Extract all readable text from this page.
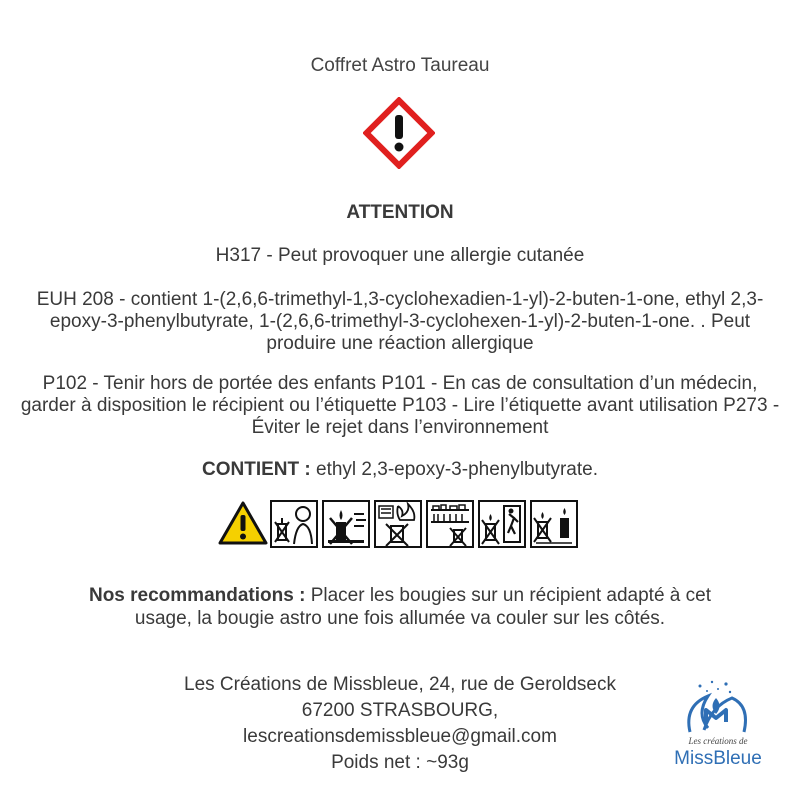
Coffret Astro Taureau
ATTENTION
H317 - Peut provoquer une allergie cutanée
EUH 208 - contient 1-(2,6,6-trimethyl-1,3-cyclohexadien-1-yl)-2-buten-1-one, ethyl 2,3-epoxy-3-phenylbutyrate, 1-(2,6,6-trimethyl-3-cyclohexen-1-yl)-2-buten-1-one. . Peut produire une réaction allergique
P102 - Tenir hors de portée des enfants P101 - En cas de consultation d’un médecin, garder à disposition le récipient ou l’étiquette P103 - Lire l’étiquette avant utilisation P273 - Éviter le rejet dans l’environnement
CONTIENT : ethyl 2,3-epoxy-3-phenylbutyrate.
Nos recommandations : Placer les bougies sur un récipient adapté à cet usage, la bougie astro une fois allumée va couler sur les côtés.
Les Créations de Missbleue, 24, rue de Geroldseck
67200 STRASBOURG,
lescreationsdemissbleue@gmail.com
Poids net : ~93g
Les créations de
MissBleue
